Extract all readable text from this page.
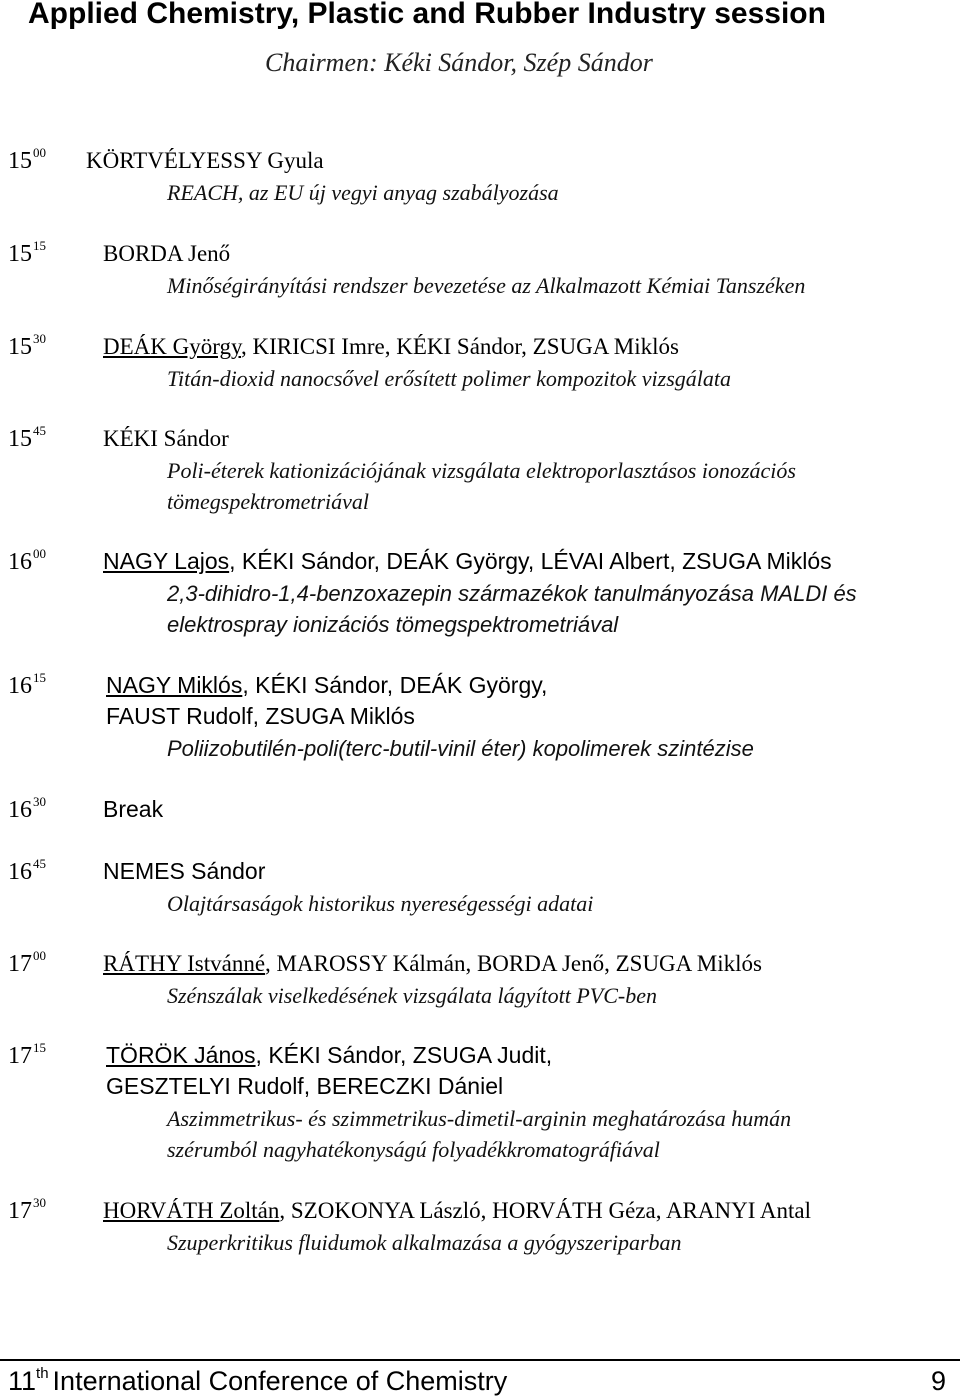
Applied Chemistry, Plastic and Rubber Industry session
Chairmen: Kéki Sándor, Szép Sándor
$15^{00}$ KÖRTVÉLYESSY Gyula
REACH, az EU új vegyi anyag szabályozása
$15^{15}$ BORDA Jenő
Minőségirányítási rendszer bevezetése az Alkalmazott Kémiai Tanszéken
$15^{30}$ DEÁK György, KIRICSI Imre, KÉKI Sándor, ZSUGA Miklós
Titán-dioxid nanocsővel erősített polimer kompozitok vizsgálata
$15^{45}$ KÉKI Sándor
Poli-éterek kationizációjának vizsgálata elektroporlasztásos ionozációs
tömegspektrometriával
$16^{00}$ NAGY Lajos, KÉKI Sándor, DEÁK György, LÉVAI Albert, ZSUGA Miklós
2,3-dihidro-1,4-benzoxazepin származékok tanulmányozása MALDI és
elektrospray ionizációs tömegspektrometriával
$16^{15}$	NAGY Miklós, KÉKI Sándor, DEÁK György,
FAUST Rudolf, ZSUGA Miklós
Poliizobutilén-poli(terc-butil-vinil éter) kopolimerek szintézise
$16^{30}$ Break
$16^{45}$ NEMES Sándor
Olajtársaságok historikus nyereségességi adatai
$17^{00}$ RÁTHY Istvánné, MAROSSY Kálmán, BORDA Jenő, ZSUGA Miklós
Szénszálak viselkedésének vizsgálata lágyított PVC-ben
$17^{15}$	TÖRÖK János, KÉKI Sándor, ZSUGA Judit,
GESZTELYI Rudolf, BERECZKI Dániel
Aszimmetrikus- és szimmetrikus-dimetil-arginin meghatározása humán
szérumból nagyhatékonyságú folyadékkromatográfiával
$17^{30}$ HORVÁTH Zoltán, SZOKONYA László, HORVÁTH Géza, ARANYI Antal
Szuperkritikus fluidumok alkalmazása a gyógyszeriparban
11th International Conference of Chemistry	9
